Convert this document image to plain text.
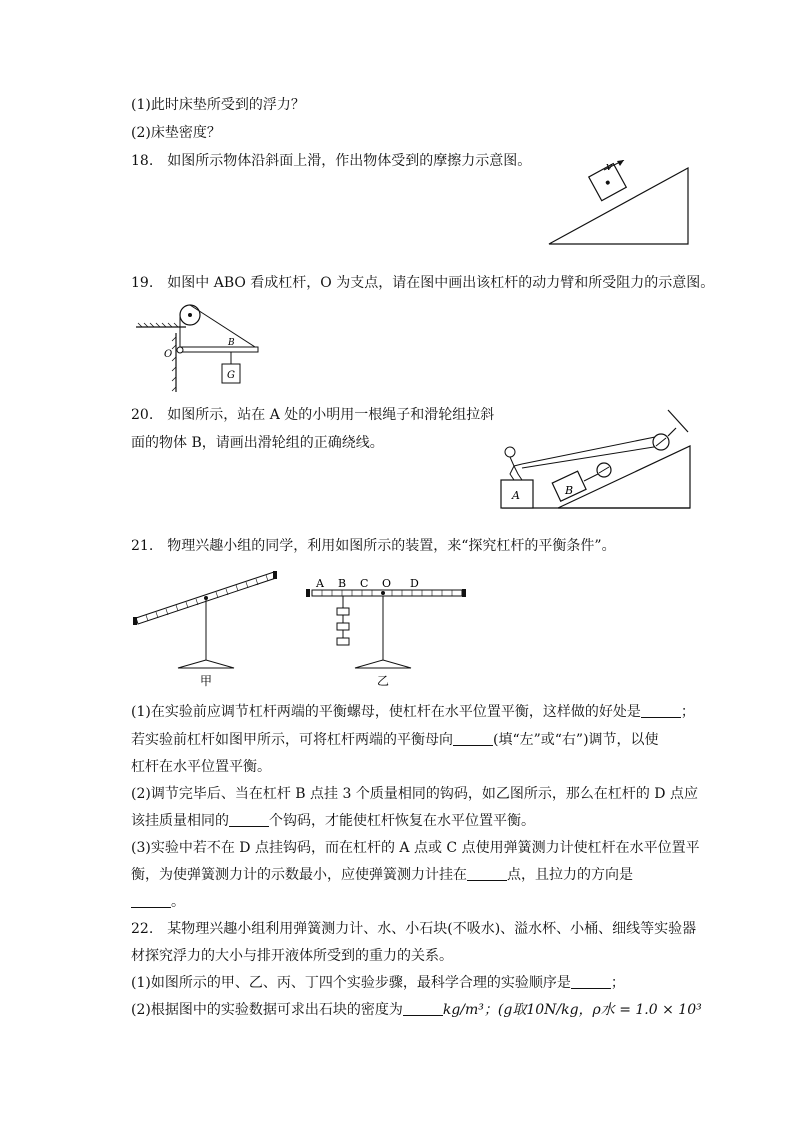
(1)此时床垫所受到的浮力？
(2)床垫密度？
18.　如图所示物体沿斜面上滑，作出物体受到的摩擦力示意图。
19.　如图中 ABO 看成杠杆，O 为支点，请在图中画出该杠杆的动力臂和所受阻力的示意图。
20.　如图所示，站在 A 处的小明用一根绳子和滑轮组拉斜
面的物体 B，请画出滑轮组的正确绕线。
21.　物理兴趣小组的同学，利用如图所示的装置，来“探究杠杆的平衡条件”。
(1)在实验前应调节杠杆两端的平衡螺母，使杠杆在水平位置平衡，这样做的好处是	；
若实验前杠杆如图甲所示，可将杠杆两端的平衡母向	(填“左”或“右”)调节，以使
杠杆在水平位置平衡。
(2)调节完毕后、当在杠杆 B 点挂 3 个质量相同的钩码，如乙图所示，那么在杠杆的 D 点应
该挂质量相同的	个钩码，才能使杠杆恢复在水平位置平衡。
(3)实验中若不在 D 点挂钩码，而在杠杆的 A 点或 C 点使用弹簧测力计使杠杆在水平位置平
衡，为使弹簧测力计的示数最小，应使弹簧测力计挂在	点，且拉力的方向是
。
22.　某物理兴趣小组利用弹簧测力计、水、小石块(不吸水)、溢水杯、小桶、细线等实验器
材探究浮力的大小与排开液体所受到的重力的关系。
(1)如图所示的甲、乙、丙、丁四个实验步骤，最科学合理的实验顺序是	；
(2)根据图中的实验数据可求出石块的密度为	kg/m³；(g取10N/kg，ρ水 = 1.0 × 10³
v
O
B
G
A	B
甲
A B C O D
乙
